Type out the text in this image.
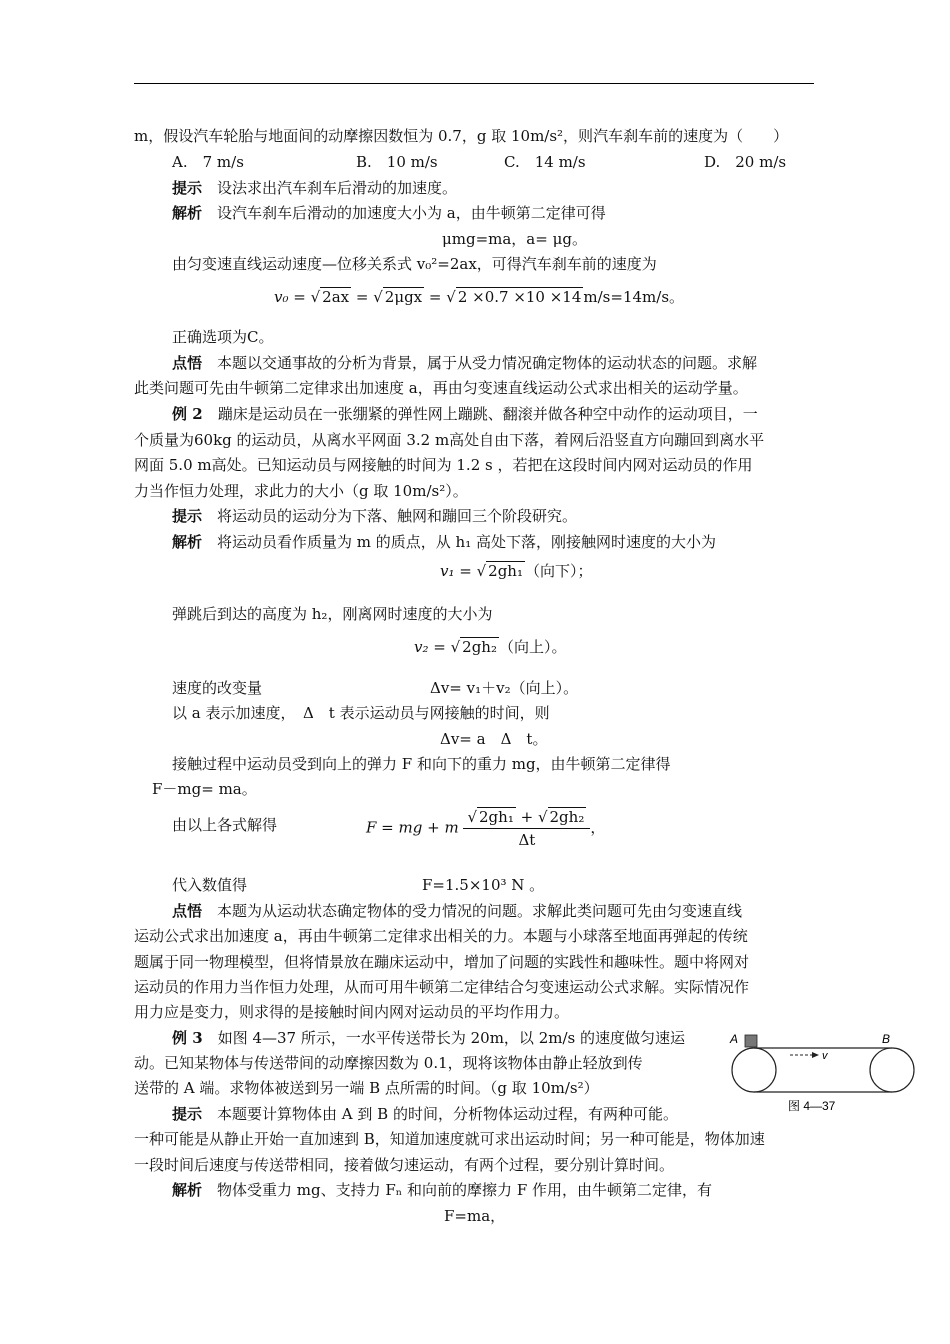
m，假设汽车轮胎与地面间的动摩擦因数恒为 0.7，g 取 10m/s²，则汽车刹车前的速度为（　　）
A.　7 m/s	B.　10 m/s	C.　14 m/s	D.　20 m/s
提示　 设法求出汽车刹车后滑动的加速度。
解析　 设汽车刹车后滑动的加速度大小为 a，由牛顿第二定律可得
μmg=ma，a= μg。
由匀变速直线运动速度—位移关系式 v₀²=2ax，可得汽车刹车前的速度为
v₀ = √ 2ax = √ 2μgx = √ 2 ×0.7 ×10 ×14 m/s=14m/s。
正确选项为C。
点悟　 本题以交通事故的分析为背景，属于从受力情况确定物体的运动状态的问题。求解
此类问题可先由牛顿第二定律求出加速度 a，再由匀变速直线运动公式求出相关的运动学量。
例 2　 蹦床是运动员在一张绷紧的弹性网上蹦跳、翻滚并做各种空中动作的运动项目，一
个质量为60kg 的运动员，从离水平网面 3.2 m高处自由下落，着网后沿竖直方向蹦回到离水平
网面 5.0 m高处。已知运动员与网接触的时间为 1.2 s ，若把在这段时间内网对运动员的作用
力当作恒力处理，求此力的大小（g 取 10m/s²）。
提示　 将运动员的运动分为下落、触网和蹦回三个阶段研究。
解析　 将运动员看作质量为 m 的质点，从 h₁ 高处下落，刚接触网时速度的大小为
v₁ = √ 2gh₁ （向下）；
弹跳后到达的高度为 h₂，刚离网时速度的大小为
v₂ = √ 2gh₂ （向上）。
速度的改变量	Δv= v₁＋v₂（向上）。
以 a 表示加速度，　Δ　t 表示运动员与网接触的时间，则
Δv= a　Δ　t。
接触过程中运动员受到向上的弹力 F 和向下的重力 mg，由牛顿第二定律得
F－mg= ma。
由以上各式解得	F = mg + m $\frac{\text{√ 2gh₁ + √ 2gh₂}}{\Delta t}$ ，
代入数值得	F=1.5×10³ N 。
点悟　 本题为从运动状态确定物体的受力情况的问题。求解此类问题可先由匀变速直线
运动公式求出加速度 a，再由牛顿第二定律求出相关的力。本题与小球落至地面再弹起的传统
题属于同一物理模型，但将情景放在蹦床运动中，增加了问题的实践性和趣味性。题中将网对
运动员的作用力当作恒力处理，从而可用牛顿第二定律结合匀变速运动公式求解。实际情况作
用力应是变力，则求得的是接触时间内网对运动员的平均作用力。
例 3　 如图 4—37 所示，一水平传送带长为 20m，以 2m/s 的速度做匀速运
动。已知某物体与传送带间的动摩擦因数为 0.1，现将该物体由静止轻放到传
送带的 A 端。求物体被送到另一端 B 点所需的时间。（g 取 10m/s²）
提示　 本题要计算物体由 A 到 B 的时间，分析物体运动过程，有两种可能。
一种可能是从静止开始一直加速到 B，知道加速度就可求出运动时间；另一种可能是，物体加速
一段时间后速度与传送带相同，接着做匀速运动，有两个过程，要分别计算时间。
解析　 物体受重力 mg、支持力 Fₙ 和向前的摩擦力 F 作用，由牛顿第二定律，有
F=ma，
A	B
v
图 4—37
